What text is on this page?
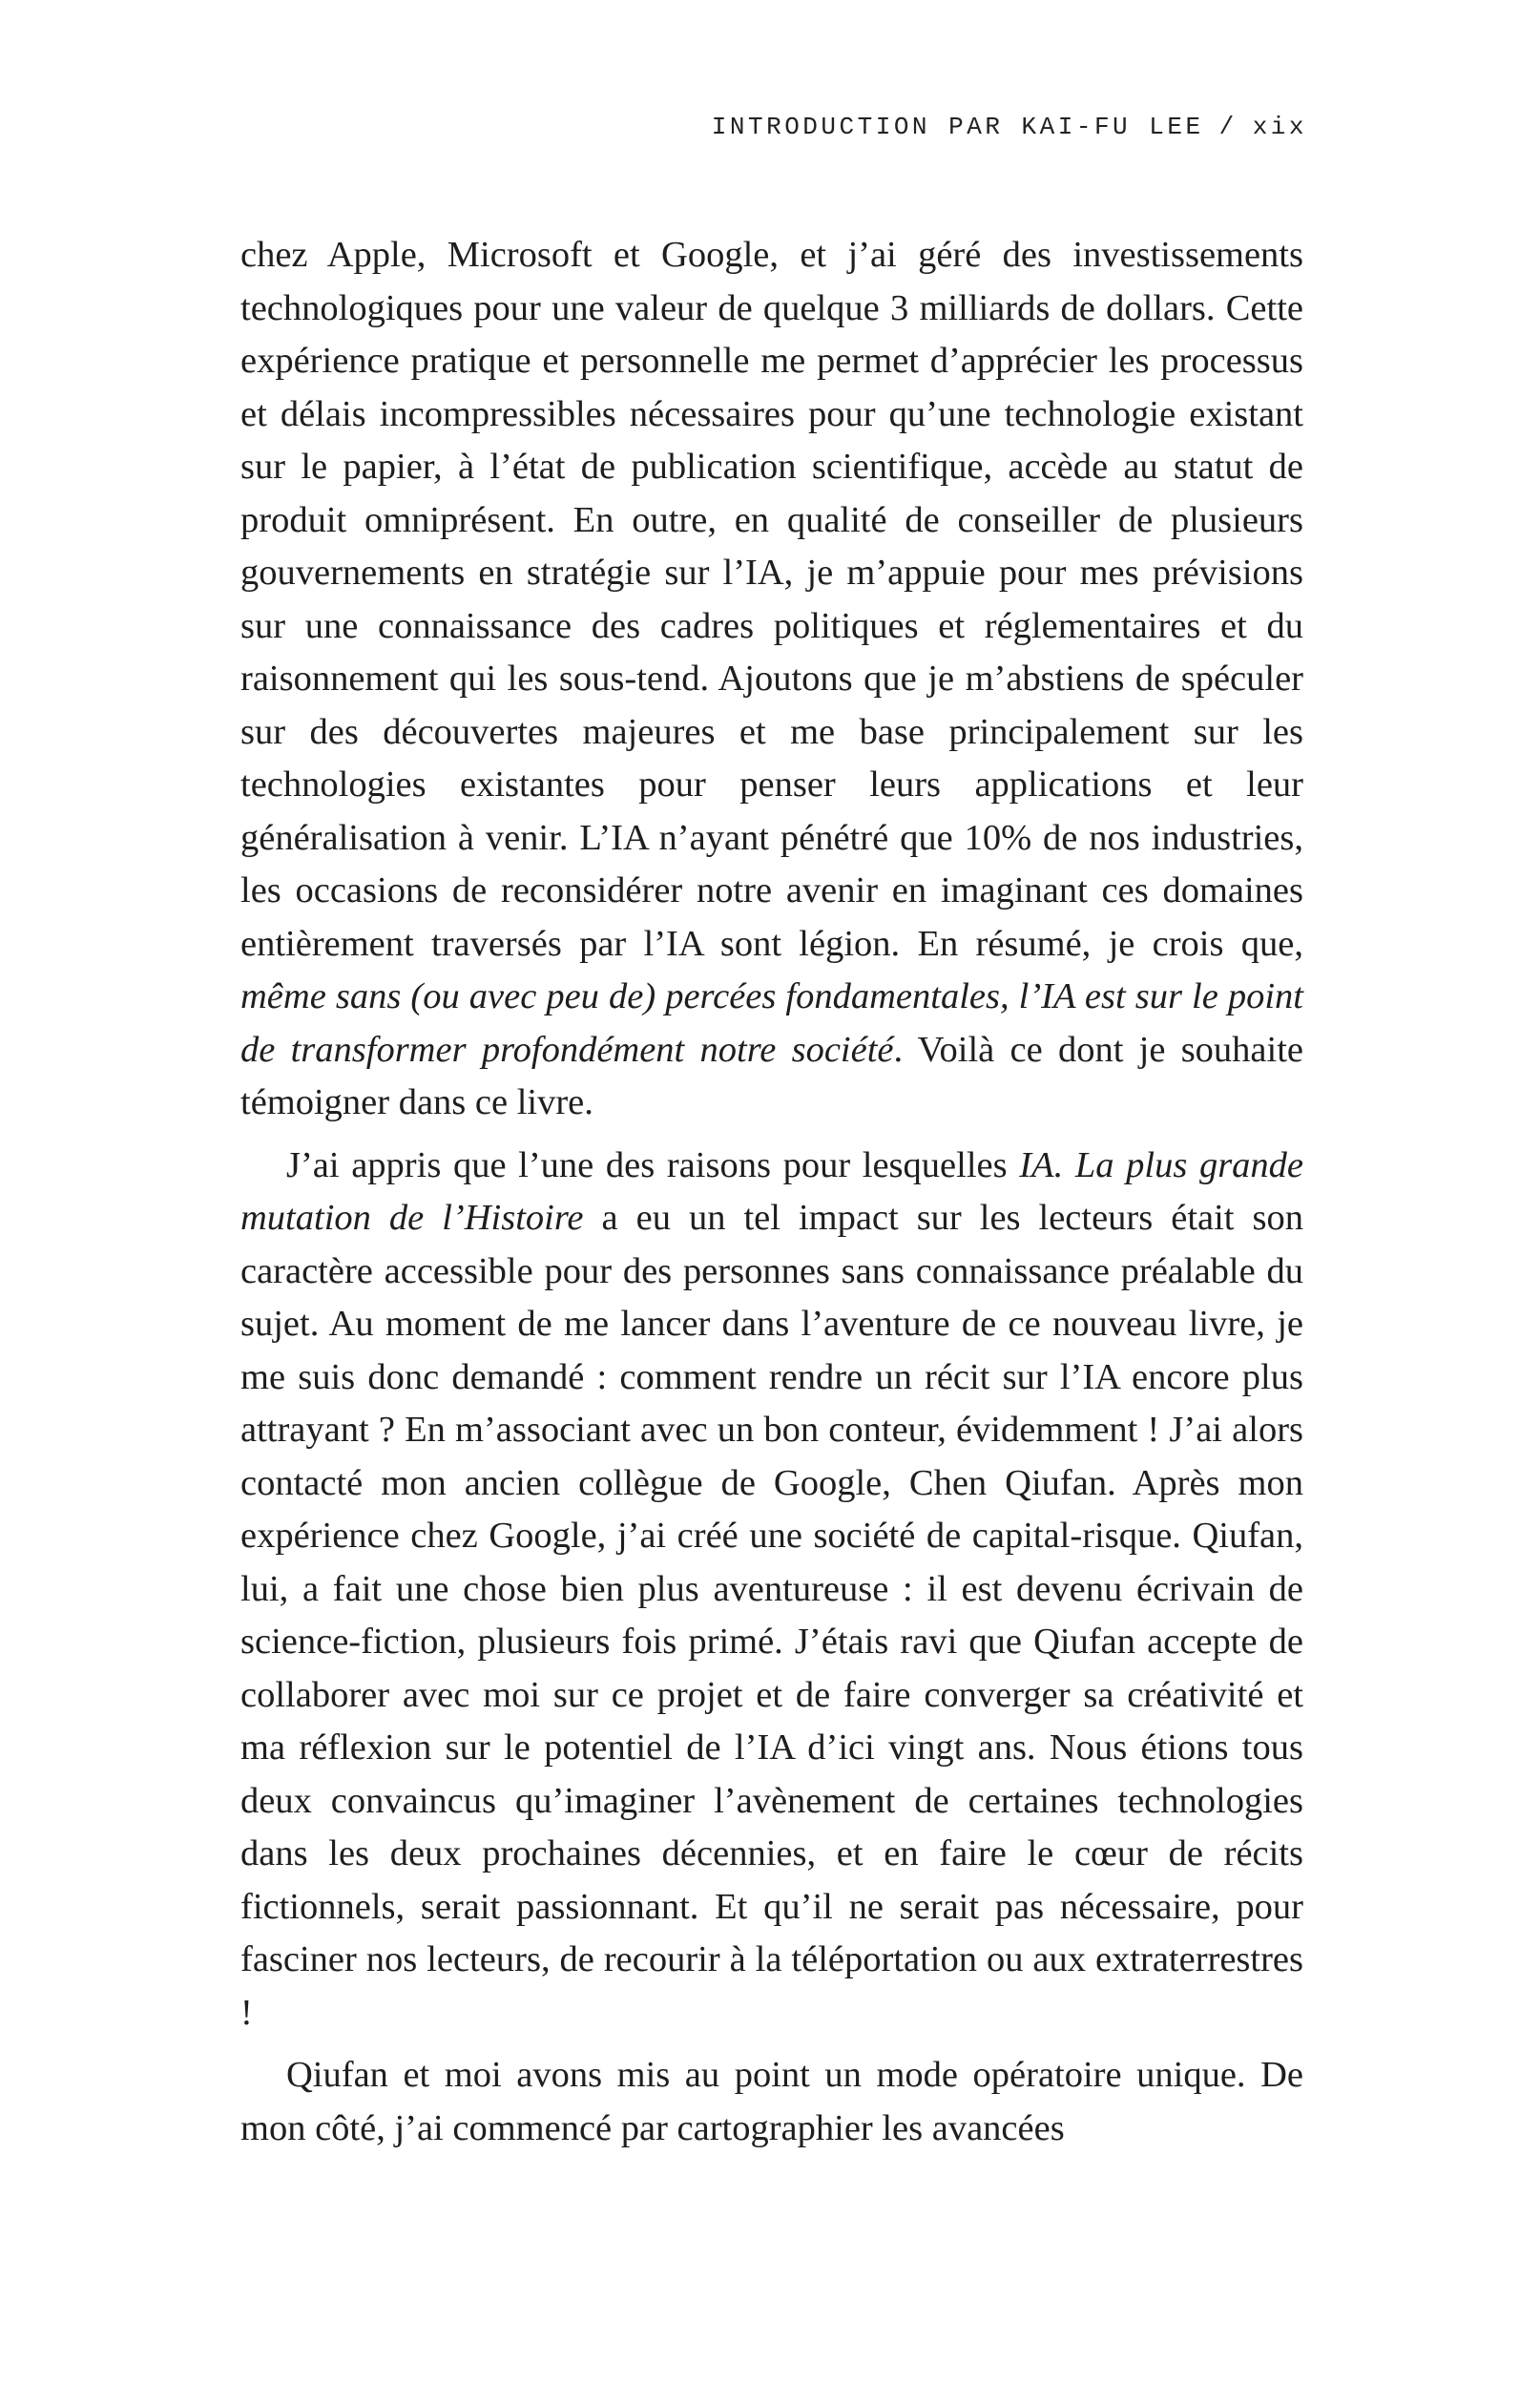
INTRODUCTION PAR KAI-FU LEE / xix

chez Apple, Microsoft et Google, et j’ai géré des investissements technologiques pour une valeur de quelque 3 milliards de dollars. Cette expérience pratique et personnelle me permet d’apprécier les processus et délais incompressibles nécessaires pour qu’une technologie existant sur le papier, à l’état de publication scientifique, accède au statut de produit omniprésent. En outre, en qualité de conseiller de plusieurs gouvernements en stratégie sur l’IA, je m’appuie pour mes prévisions sur une connaissance des cadres politiques et réglementaires et du raisonnement qui les sous-tend. Ajoutons que je m’abstiens de spéculer sur des découvertes majeures et me base principalement sur les technologies existantes pour penser leurs applications et leur généralisation à venir. L’IA n’ayant pénétré que 10% de nos industries, les occasions de reconsidérer notre avenir en imaginant ces domaines entièrement traversés par l’IA sont légion. En résumé, je crois que, même sans (ou avec peu de) percées fondamentales, l’IA est sur le point de transformer profondément notre société. Voilà ce dont je souhaite témoigner dans ce livre.

J’ai appris que l’une des raisons pour lesquelles IA. La plus grande mutation de l’Histoire a eu un tel impact sur les lecteurs était son caractère accessible pour des personnes sans connaissance préalable du sujet. Au moment de me lancer dans l’aventure de ce nouveau livre, je me suis donc demandé : comment rendre un récit sur l’IA encore plus attrayant ? En m’associant avec un bon conteur, évidemment ! J’ai alors contacté mon ancien collègue de Google, Chen Qiufan. Après mon expérience chez Google, j’ai créé une société de capital-risque. Qiufan, lui, a fait une chose bien plus aventureuse : il est devenu écrivain de science-fiction, plusieurs fois primé. J’étais ravi que Qiufan accepte de collaborer avec moi sur ce projet et de faire converger sa créativité et ma réflexion sur le potentiel de l’IA d’ici vingt ans. Nous étions tous deux convaincus qu’imaginer l’avènement de certaines technologies dans les deux prochaines décennies, et en faire le cœur de récits fictionnels, serait passionnant. Et qu’il ne serait pas nécessaire, pour fasciner nos lecteurs, de recourir à la téléportation ou aux extraterrestres !

Qiufan et moi avons mis au point un mode opératoire unique. De mon côté, j’ai commencé par cartographier les avancées
